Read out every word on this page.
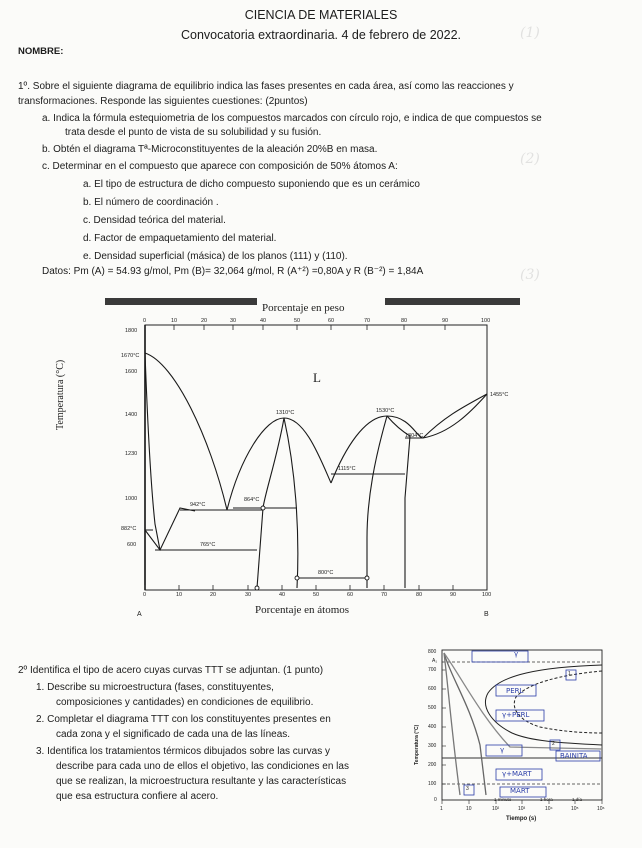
(1)
(2)
(3)
CIENCIA DE MATERIALES
Convocatoria extraordinaria. 4 de febrero de 2022.
NOMBRE:
1º. Sobre el siguiente diagrama de equilibrio indica las fases presentes en cada área, así como las reacciones y
transformaciones. Responde las siguientes cuestiones: (2puntos)
a. Indica la fórmula estequiometria de los compuestos marcados con círculo rojo, e indica de que compuestos se
trata desde el punto de vista de su solubilidad y su fusión.
b. Obtén el diagrama Tª-Microconstituyentes de la aleación 20%B en masa.
c. Determinar en el compuesto que aparece con composición de 50% átomos A:
a. El tipo de estructura de dicho compuesto suponiendo que es un cerámico
b. El número de coordinación .
c. Densidad teórica del material.
d. Factor de empaquetamiento del material.
e. Densidad superficial (másica) de los planos (111) y (110).
Datos: Pm (A) = 54.93 g/mol, Pm (B)= 32,064 g/mol, R (A⁺²) =0,80A y R (B⁻²) = 1,84A
Porcentaje en peso
Porcentaje en átomos
Temperatura (°C)
0	10	20	30	40	50	60	70	80	90	100
0	10	20	30	40	50	60	70	80	90	100
1800
1600
1670°C
1400
1230
1000
882°C
600
L
A	B
1310°C	1530°C
1304°C
1455°C
1115°C
942°C
864°C
765°C
800°C
2º Identifica el tipo de acero cuyas curvas TTT se adjuntan. (1 punto)
1. Describe su microestructura (fases, constituyentes,
composiciones y cantidades) en condiciones de equilibrio.
2. Completar el diagrama TTT con los constituyentes presentes en
cada zona y el significado de cada una de las líneas.
3. Identifica los tratamientos térmicos dibujados sobre las curvas y
describe para cada uno de ellos el objetivo, las condiciones en las
que se realizan, la microestructura resultante y las características
que esa estructura confiere al acero.
Temperatura (°C)
800
700
600
500
400
300
200
100
0
A₁
1	10	10²	10³	10⁴	10⁵	10⁶
1 minuto	1 hora	1 día
Tiempo (s)
1
2
3
γ
PERL
γ+PERL
γ
BAINITA
γ+MART
MART
